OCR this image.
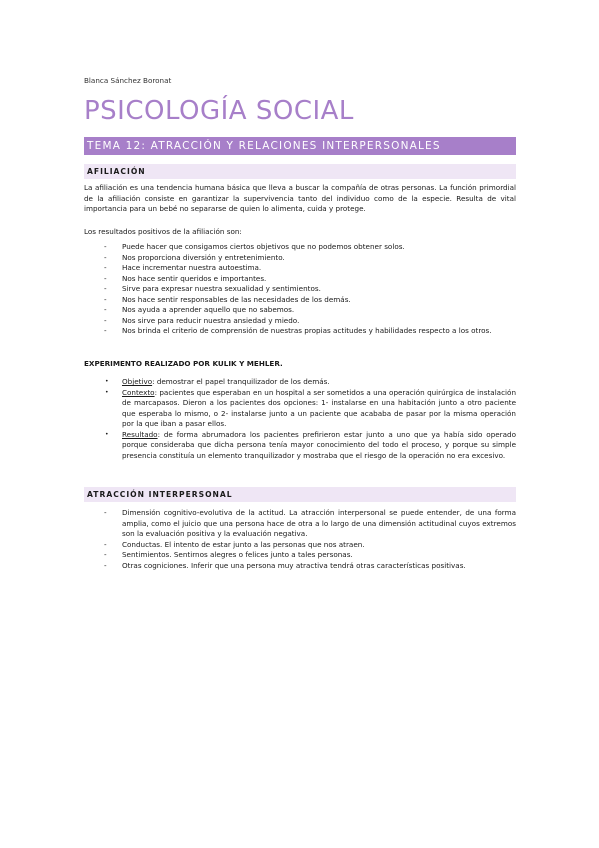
Blanca Sánchez Boronat
PSICOLOGÍA SOCIAL
TEMA 12: ATRACCIÓN Y RELACIONES INTERPERSONALES
AFILIACIÓN

La afiliación es una tendencia humana básica que lleva a buscar la compañía de otras personas. La función primordial de la afiliación consiste en garantizar la supervivencia tanto del individuo como de la especie. Resulta de vital importancia para un bebé no separarse de quien lo alimenta, cuida y protege.

Los resultados positivos de la afiliación son:

- Puede hacer que consigamos ciertos objetivos que no podemos obtener solos.
- Nos proporciona diversión y entretenimiento.
- Hace incrementar nuestra autoestima.
- Nos hace sentir queridos e importantes.
- Sirve para expresar nuestra sexualidad y sentimientos.
- Nos hace sentir responsables de las necesidades de los demás.
- Nos ayuda a aprender aquello que no sabemos.
- Nos sirve para reducir nuestra ansiedad y miedo.
- Nos brinda el criterio de comprensión de nuestras propias actitudes y habilidades respecto a los otros.

EXPERIMENTO REALIZADO POR KULIK Y MEHLER.

• Objetivo: demostrar el papel tranquilizador de los demás.
• Contexto: pacientes que esperaban en un hospital a ser sometidos a una operación quirúrgica de instalación de marcapasos. Dieron a los pacientes dos opciones: 1- instalarse en una habitación junto a otro paciente que esperaba lo mismo, o 2- instalarse junto a un paciente que acababa de pasar por la misma operación por la que iban a pasar ellos.
• Resultado: de forma abrumadora los pacientes prefirieron estar junto a uno que ya había sido operado porque consideraba que dicha persona tenía mayor conocimiento del todo el proceso, y porque su simple presencia constituía un elemento tranquilizador y mostraba que el riesgo de la operación no era excesivo.
ATRACCIÓN INTERPERSONAL
- Dimensión cognitivo-evolutiva de la actitud. La atracción interpersonal se puede entender, de una forma amplia, como el juicio que una persona hace de otra a lo largo de una dimensión actitudinal cuyos extremos son la evaluación positiva y la evaluación negativa.
- Conductas. El intento de estar junto a las personas que nos atraen.
- Sentimientos. Sentirnos alegres o felices junto a tales personas.
- Otras cogniciones. Inferir que una persona muy atractiva tendrá otras características positivas.
